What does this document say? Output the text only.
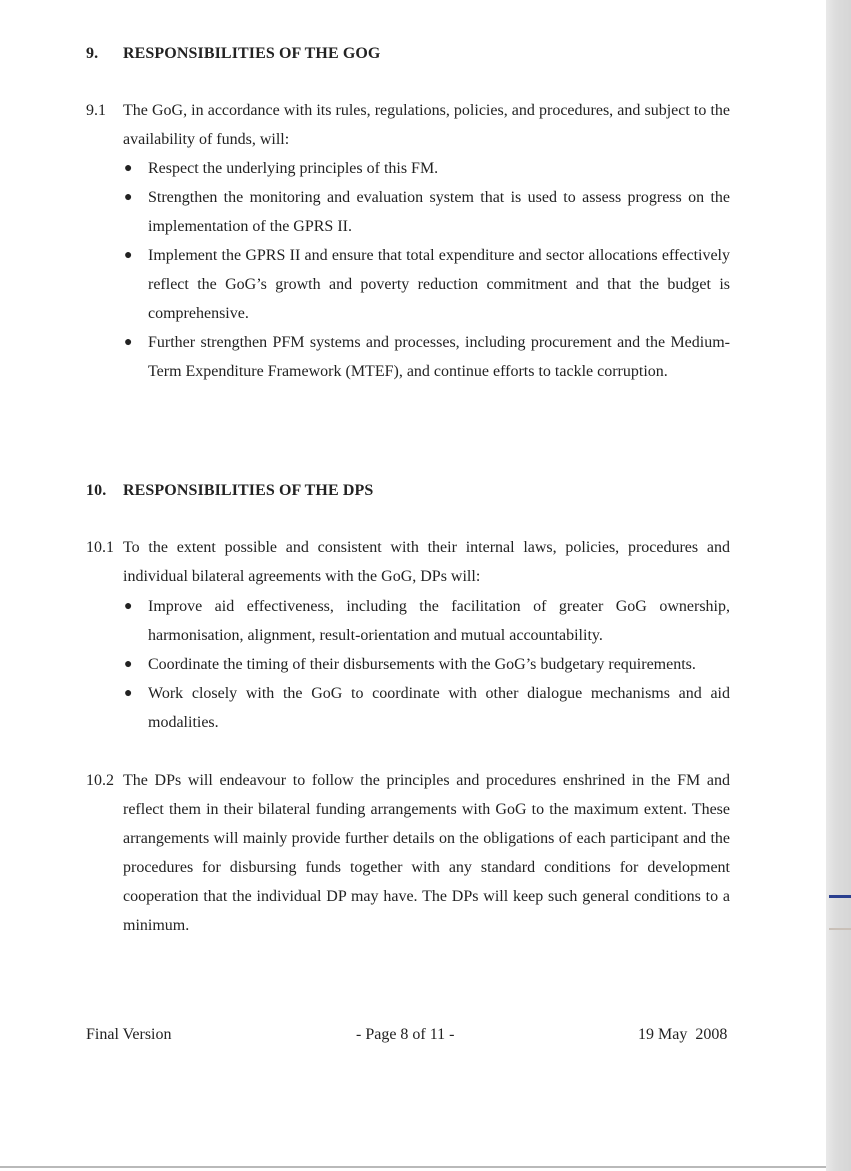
9. RESPONSIBILITIES OF THE GOG
9.1 The GoG, in accordance with its rules, regulations, policies, and procedures, and subject to the availability of funds, will:
● Respect the underlying principles of this FM.
● Strengthen the monitoring and evaluation system that is used to assess progress on the implementation of the GPRS II.
● Implement the GPRS II and ensure that total expenditure and sector allocations effectively reflect the GoG’s growth and poverty reduction commitment and that the budget is comprehensive.
● Further strengthen PFM systems and processes, including procurement and the Medium-Term Expenditure Framework (MTEF), and continue efforts to tackle corruption.
10. RESPONSIBILITIES OF THE DPS
10.1 To the extent possible and consistent with their internal laws, policies, procedures and individual bilateral agreements with the GoG, DPs will:
● Improve aid effectiveness, including the facilitation of greater GoG ownership, harmonisation, alignment, result-orientation and mutual accountability.
● Coordinate the timing of their disbursements with the GoG’s budgetary requirements.
● Work closely with the GoG to coordinate with other dialogue mechanisms and aid modalities.
10.2 The DPs will endeavour to follow the principles and procedures enshrined in the FM and reflect them in their bilateral funding arrangements with GoG to the maximum extent. These arrangements will mainly provide further details on the obligations of each participant and the procedures for disbursing funds together with any standard conditions for development cooperation that the individual DP may have. The DPs will keep such general conditions to a minimum.
Final Version	- Page 8 of 11 -	19 May  2008
